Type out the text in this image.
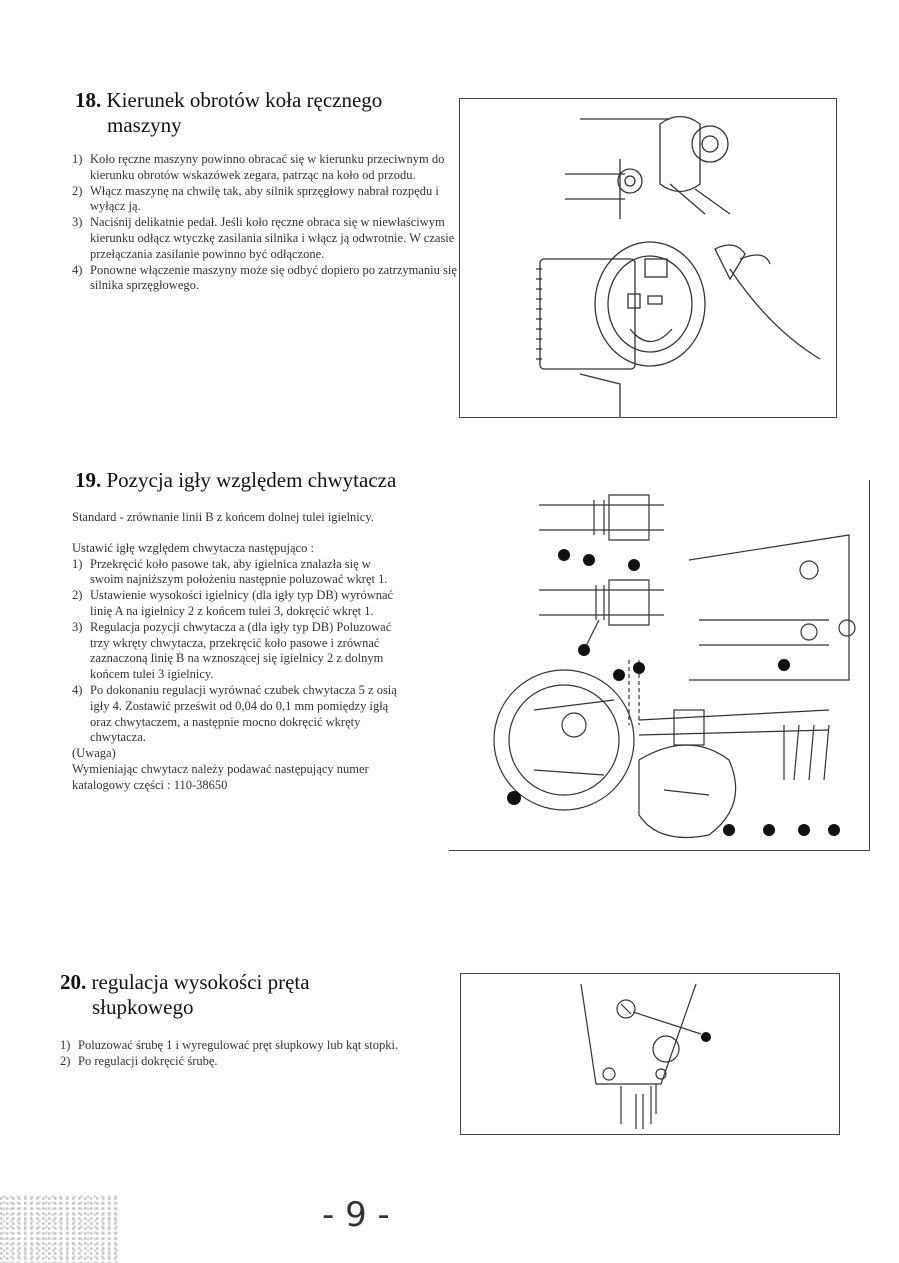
18. Kierunek obrotów koła ręcznego
maszyny
1) Koło ręczne maszyny powinno obracać się w kierunku przeciwnym do kierunku obrotów wskazówek zegara, patrząc na koło od przodu.
2) Włącz maszynę na chwilę tak, aby silnik sprzęgłowy nabrał rozpędu i wyłącz ją.
3) Naciśnij delikatnie pedał. Jeśli koło ręczne obraca się w niewłaściwym kierunku odłącz wtyczkę zasilania silnika i włącz ją odwrotnie. W czasie przełączania zasilanie powinno być odłączone.
4) Ponowne włączenie maszyny może się odbyć dopiero po zatrzymaniu się silnika sprzęgłowego.
19. Pozycja igły względem chwytacza

Standard - zrównanie linii B z końcem dolnej tulei igielnicy.

Ustawić igłę względem chwytacza następująco :

1) Przekręcić koło pasowe tak, aby igielnica znalazła się w swoim najniższym położeniu następnie poluzować wkręt 1.
2) Ustawienie wysokości igielnicy (dla igły typ DB) wyrównać linię A na igielnicy 2 z końcem tulei 3, dokręcić wkręt 1.
3) Regulacja pozycji chwytacza a (dla igły typ DB) Poluzować trzy wkręty chwytacza, przekręcić koło pasowe i zrównać zaznaczoną linię B na wznoszącej się igielnicy 2 z dolnym końcem tulei 3 igielnicy.
4) Po dokonaniu regulacji wyrównać czubek chwytacza 5 z osią igły 4. Zostawić prześwit od 0,04 do 0,1 mm pomiędzy igłą oraz chwytaczem, a następnie mocno dokręcić wkręty chwytacza.

(Uwaga)

Wymieniając chwytacz należy podawać następujący numer katalogowy części : 110-38650

20. regulacja wysokości pręta
słupkowego
1) Poluzować śrubę 1 i wyregulować pręt słupkowy lub kąt stopki.
2) Po regulacji dokręcić śrubę.
- 9 -
